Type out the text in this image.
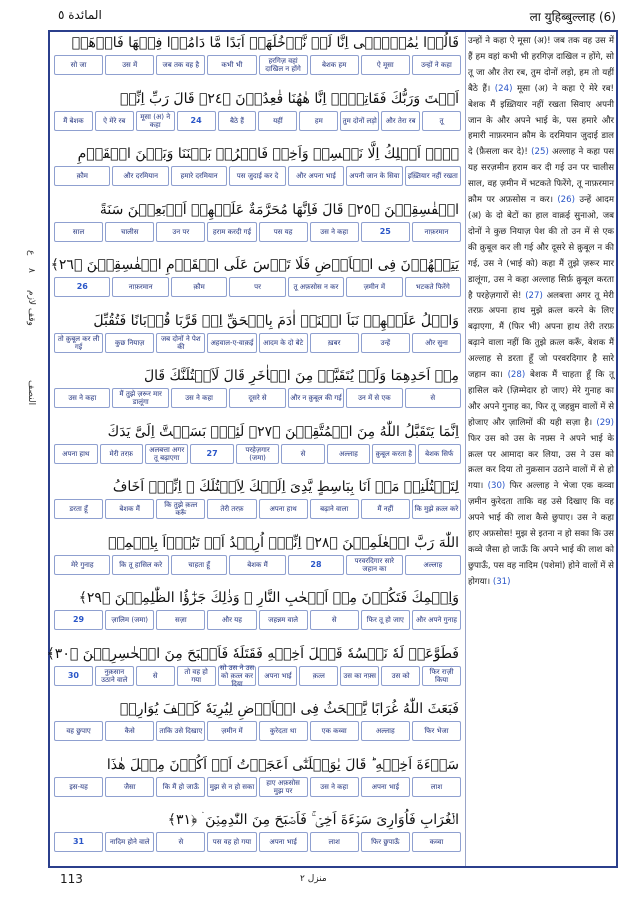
المائدة ٥	ला युहिब्बुल्लाह (6)
ع
٨
وقف لازم
النصف
قَالُوۡا يٰمُوۡسٰۤى اِنَّا لَنۡ نَّدۡخُلَهَاۤ اَبَدًا مَّا دَامُوۡا فِيۡهَا فَاذۡهَبۡ
उन्हों ने कहा
ऐ मूसा
बेशक हम
हरगिज़ वहां दाखिल न होंगे
कभी भी
जब तक वह है
उस में
सो जा
اَنۡتَ وَرَبُّكَ فَقَاتِلَاۤ اِنَّا هٰهُنَا قٰعِدُوۡنَ ﴿٢٤﴾ قَالَ رَبِّ اِنِّىۡ
तू
और तेरा रब
तुम दोनों लड़ो
हम
यहीं
बैठे हैं
24
मूसा (अ) ने कहा
ऐ मेरे रब
मैं बेशक
لَاۤ اَمۡلِكُ اِلَّا نَفۡسِىۡ وَاَخِىۡ فَافۡرُقۡ بَيۡنَنَا وَبَيۡنَ الۡقَوۡمِ
इख़्तियार नहीं रखता
अपनी जान के सिवा
और अपना भाई
पस जुदाई कर दे
हमारे दरमियान
और दरमियान
क़ौम
الۡفٰسِقِيۡنَ ﴿٢٥﴾ قَالَ فَاِنَّهَا مُحَرَّمَةٌ عَلَيۡهِمۡ اَرۡبَعِيۡنَ سَنَةً
नाफ़रमान
25
उस ने कहा
पस यह
हराम करदी गई
उन पर
चालीस
साल
يَتِيۡهُوۡنَ فِى الۡاَرۡضِ فَلَا تَاۡسَ عَلَى الۡقَوۡمِ الۡفٰسِقِيۡنَ ﴿٢٦﴾
भटकते फिरेंगे
ज़मीन में
तू अफ़सोस न कर
पर
क़ौम
नाफ़रमान
26
وَاتۡلُ عَلَيۡهِمۡ نَبَاَ ابۡنَىۡ اٰدَمَ بِالۡحَقِّ اِذۡ قَرَّبَا قُرۡبَانًا فَتُقُبِّلَ
और सुना
उन्हें
ख़बर
आदम के दो बेटे
अहवाल-ए-वाक़ई
जब दोनों ने पेश की
कुछ नियाज़
तो क़ुबूल कर ली गई
مِنۡ اَحَدِهِمَا وَلَمۡ يُتَقَبَّلۡ مِنَ الۡاٰخَرِ قَالَ لَاَقۡتُلَنَّكَ قَالَ
से
उन में से एक
और न क़ुबूल की गई
दूसरे से
उस ने कहा
मैं तुझे ज़रूर मार डालूंगा
उस ने कहा
اِنَّمَا يَتَقَبَّلُ اللّٰهُ مِنَ الۡمُتَّقِيۡنَ ﴿٢٧﴾ لَئِنۡۢ بَسَطۡتَّ اِلَىَّ يَدَكَ
बेशक सिर्फ
क़ुबूल करता है
अल्लाह
से
परहेज़गार (जमा)
27
अलबत्ता अगर तू बढ़ाएगा
मेरी तरफ़
अपना हाथ
لِتَقۡتُلَنِىۡ مَاۤ اَنَا بِبَاسِطٍ يَّدِىَ اِلَيۡكَ لِاَقۡتُلَكَ ۚ اِنِّىۡۤ اَخَافُ
कि मुझे क़त्ल करे
मैं नहीं
बढ़ाने वाला
अपना हाथ
तेरी तरफ़
कि तुझे क़त्ल करूँ
बेशक मैं
डरता हूँ
اللّٰهَ رَبَّ الۡعٰلَمِيۡنَ ﴿٢٨﴾ اِنِّىۡۤ اُرِيۡدُ اَنۡ تَبُوۡٓاَ بِاِثۡمِىۡ
अल्लाह
परवरदिगार सारे जहान का
28
बेशक मैं
चाहता हूँ
कि तू हासिल करे
मेरे गुनाह
وَاِثۡمِكَ فَتَكُوۡنَ مِنۡ اَصۡحٰبِ النَّارِ‌ ۚ وَذٰلِكَ جَزٰٓؤُا الظّٰلِمِيۡنَ ﴿٢٩﴾
और अपने गुनाह
फिर तू हो जाए
से
जहन्नम वाले
और यह
सज़ा
ज़ालिम (जमा)
29
فَطَوَّعَتۡ لَهٗ نَفۡسُهٗ قَتۡلَ اَخِيۡهِ فَقَتَلَهٗ فَاَصۡبَحَ مِنَ الۡخٰسِرِيۡنَ ﴿٣٠﴾
फिर राज़ी किया
उस को
उस का नफ़्स
क़त्ल
अपना भाई
सो उस ने उस को क़त्ल कर दिया
तो वह हो गया
से
नुक़सान उठाने वाले
30
فَبَعَثَ اللّٰهُ غُرَابًا يَّبۡحَثُ فِى الۡاَرۡضِ لِيُرِيَهٗ كَيۡفَ يُوَارِىۡ
फिर भेजा
अल्लाह
एक कव्वा
कुरेदता था
ज़मीन में
ताकि उसे दिखाए
कैसे
वह छुपाए
سَوۡءَةَ اَخِيۡهِ ‌ؕ قَالَ يٰوَيۡلَتٰٓى اَعَجَزۡتُ اَنۡ اَكُوۡنَ مِثۡلَ هٰذَا
लाश
अपना भाई
उस ने कहा
हाए अफ़सोस मुझ पर
मुझ से न हो सका
कि मैं हो जाऊँ
जैसा
इस-यह
الۡغُرَابِ فَاُوَارِىَ سَوۡءَةَ اَخِىۡ‌ ۚ فَاَصۡبَحَ مِنَ النّٰدِمِيۡنَ ۛ‌ ﴿٣١﴾
कव्वा
फिर छुपाऊँ
लाश
अपना भाई
पस वह हो गया
से
नादिम होने वाले
31
उन्हों ने कहा ऐ मूसा (अ)! जब तक वह उस में हैं हम वहां कभी भी हरगिज़ दाखिल न होंगे, सो तू जा और तेरा रब, तुम दोनों लड़ो, हम तो यहीं बैठे हैं। (24) मूसा (अ) ने कहा ऐ मेरे रब! बेशक मैं इख़्तियार नहीं रखता सिवाए अपनी जान के और अपने भाई के, पस हमारे और हमारी नाफ़रमान क़ौम के दरमियान जुदाई डाल दे (फ़ैसला कर दे)! (25) अल्लाह ने कहा पस यह सरज़मीन हराम कर दी गई उन पर चालीस साल, वह ज़मीन में भटकते फिरेंगे, तू नाफ़रमान क़ौम पर अफ़सोस न कर। (26) उन्हें आदम (अ) के दो बेटों का हाल वाक़ई सुनाओ, जब दोनों ने कुछ नियाज़ पेश की तो उन में से एक की क़ुबूल कर ली गई और दूसरे से क़ुबूल न की गई, उस ने (भाई को) कहा मैं तुझे ज़रूर मार डालूंगा, उस ने कहा अल्लाह सिर्फ़ क़ुबूल करता है परहेज़गारों से! (27) अलबत्ता अगर तू मेरी तरफ़ अपना हाथ मुझे क़त्ल करने के लिए बढ़ाएगा, मैं (फिर भी) अपना हाथ तेरी तरफ़ बढ़ाने वाला नहीं कि तुझे क़त्ल करूँ, बेशक मैं अल्लाह से डरता हूँ जो परवरदिगार है सारे जहान का। (28) बेशक मैं चाहता हूँ कि तू हासिल करे (ज़िम्मेदार हो जाए) मेरे गुनाह का और अपने गुनाह का, फिर तू जहन्नुम वालों में से होजाए और ज़ालिमों की यही सज़ा है। (29) फिर उस को उस के नफ़्स ने अपने भाई के क़त्ल पर आमादा कर लिया, उस ने उस को क़त्ल कर दिया तो नुक़सान उठाने वालों में से हो गया। (30) फिर अल्लाह ने भेजा एक कव्वा ज़मीन कुरेदता ताकि वह उसे दिखाए कि वह अपने भाई की लाश कैसे छुपाए। उस ने कहा हाए अफ़सोस! मुझ से इतना न हो सका कि उस कव्वे जैसा हो जाऊँ कि अपने भाई की लाश को छुपाऊँ, पस वह नादिम (पशेमां) होने वालों में से होगया। (31)
113	منزل ٢
